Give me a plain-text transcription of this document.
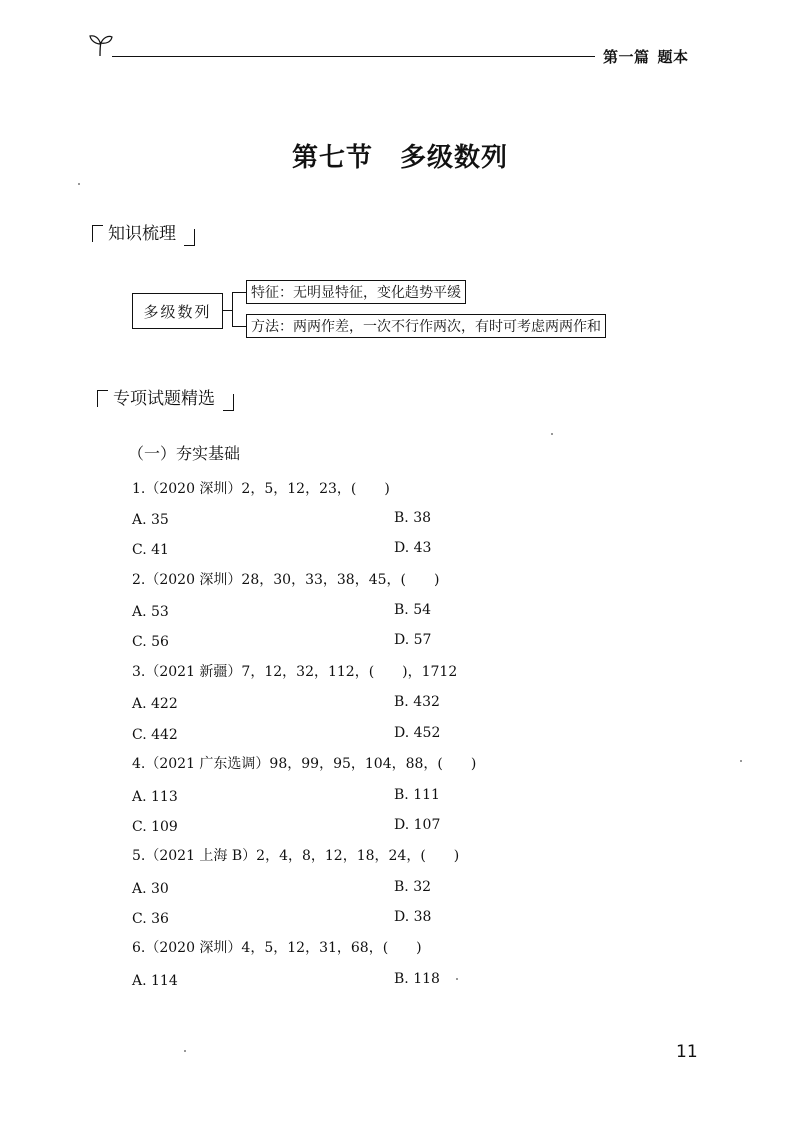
第一篇 题本
第七节　多级数列
知识梳理
多级数列
特征：无明显特征，变化趋势平缓
方法：两两作差，一次不行作两次，有时可考虑两两作和
专项试题精选
（一）夯实基础
1.（2020 深圳）2，5，12，23，(　　)
A. 35	B. 38
C. 41	D. 43
2.（2020 深圳）28，30，33，38，45，(　　)
A. 53	B. 54
C. 56	D. 57
3.（2021 新疆）7，12，32，112，(　　)，1712
A. 422	B. 432
C. 442	D. 452
4.（2021 广东选调）98，99，95，104，88，(　　)
A. 113	B. 111
C. 109	D. 107
5.（2021 上海 B）2，4，8，12，18，24，(　　)
A. 30	B. 32
C. 36	D. 38
6.（2020 深圳）4，5，12，31，68，(　　)
A. 114	B. 118
11
